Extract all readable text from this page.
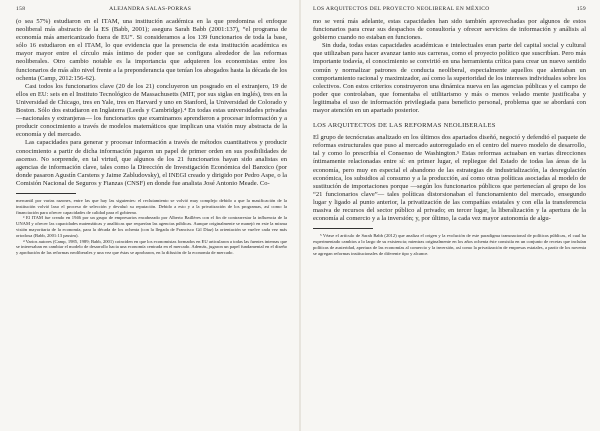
158	ALEJANDRA SALAS-PORRAS

(o sea 57%) estudiaron en el ITAM, una institución académica en la que predomina el enfoque neoliberal más abstracto de la ES (Babb, 2001); asegura Sarah Babb (2001:137), “el programa de economía más americanizado fuera de EU”. Si consideramos a los 139 funcionarios de toda la base, sólo 16 estudiaron en el ITAM, lo que evidencia que la presencia de esta institución académica es mayor mayor entre el círculo más íntimo de poder que se configura alrededor de las reformas neoliberales. Otro cambio notable es la importancia que adquieren los economistas entre los funcionarios de más alto nivel frente a la preponderancia que tenían los abogados hasta la década de los ochenta (Camp, 2012:156-62).

Casi todos los funcionarios clave (20 de los 21) concluyeron un posgrado en el extranjero, 19 de ellos en EU: seis en el Instituto Tecnológico de Massachusetts (MIT, por sus siglas en inglés), tres en la Universidad de Chicago, tres en Yale, tres en Harvard y uno en Stanford, la Universidad de Colorado y Boston. Sólo dos estudiaron en Inglaterra (Leeds y Cambridge).⁴ En todas estas universidades privadas —nacionales y extranjeras— los funcionarios que examinamos aprendieron a procesar información y a producir conocimiento a través de modelos matemáticos que implican una visión muy abstracta de la economía y del mercado.

Las capacidades para generar y procesar información a través de métodos cuantitativos y producir conocimiento a partir de dicha información jugaron un papel de primer orden en sus posibilidades de ascenso. No sorprende, en tal virtud, que algunos de los 21 funcionarios hayan sido analistas en agencias de información clave, tales como la Dirección de Investigación Económica del Banxico (por donde pasaron Agustín Carstens y Jaime Zabludovsky), el INEGI creado y dirigido por Pedro Aspe, o la Comisión Nacional de Seguros y Fianzas (CNSF) en donde fue analista José Antonio Meade. Co-

mercantil por varias razones, entre las que hay las siguientes: el reclutamiento se volvió muy complejo debido a que la masificación de la institución volvió laxo el proceso de selección y devaluó su reputación. Debido a esto y a la privatización de los programas, así como la financiación para ofrecer capacidades de calidad para el gobierno.

³ El ITAM fue creado en 1946 por un grupo de empresarios encabezado por Alberto Baillères con el fin de contrarrestar la influencia de la UNAM y ofrecer las capacidades matemáticas y analíticas que requerían las agencias públicas. Aunque originalmente se manejó en este la misma visión mayoritaria de la economía, para la década de los ochenta (con la llegada de Francisco Gil Díaz) la orientación se vuelve cada vez más ortodoxa (Babb, 2001:13 passim).

⁴ Varios autores (Camp, 1985, 1989; Babb, 2001) coinciden en que los economistas formados en EU articularon a todas las fuentes internas que se interesaban en cambiar el modelo de desarrollo hacia una economía centrada en el mercado. Además, jugaron un papel fundamental en el diseño y aprobación de las reformas neoliberales y una vez que éstas se aprobaron, en la difusión de la economía de mercado.

LOS ARQUITECTOS DEL PROYECTO NEOLIBERAL EN MÉXICO	159

mo se verá más adelante, estas capacidades han sido también aprovechadas por algunos de estos funcionarios para crear sus despachos de consultoría y ofrecer servicios de información y análisis al gobierno cuando no estaban en funciones.

Sin duda, todas estas capacidades académicas e intelectuales eran parte del capital social y cultural que utilizaban para hacer avanzar tanto sus carreras, como el proyecto político que suscribían. Pero más importante todavía, el conocimiento se convirtió en una herramienta crítica para crear un nuevo sentido común y normalizar patrones de conducta neoliberal, especialmente aquellos que alentaban un comportamiento racional y maximizador, así como la superioridad de los intereses individuales sobre los colectivos. Con estos criterios construyeron una dinámica nueva en las agencias públicas y el campo de poder que controlaban, que fomentaba el utilitarismo y más o menos velado mente justificaba y legitimaba el uso de información privilegiada para beneficio personal, problema que se abordará con mayor atención en un apartado posterior.

LOS ARQUITECTOS DE LAS REFORMAS NEOLIBERALES

El grupo de tecnócratas analizado en los últimos dos apartados diseñó, negoció y defendió el paquete de reformas estructurales que puso al mercado autorregulado en el centro del nuevo modelo de desarrollo, tal y como lo prescribía el Consenso de Washington.⁵ Estas reformas actuaban en varias direcciones íntimamente relacionadas entre sí: en primer lugar, el repliegue del Estado de todas las áreas de la economía, pero muy en especial el abandono de las estrategias de industrialización, la desregulación económica, los subsidios al consumo y a la producción, así como otras políticas asociadas al modelo de sustitución de importaciones porque —según los funcionarios públicos que pertenecían al grupo de los “21 funcionarios clave”— tales políticas distorsionaban el funcionamiento del mercado, ensegundo lugar y ligado al punto anterior, la privatización de las compañías estatales y con ella la transferencia masiva de recursos del sector público al privado; en tercer lugar, la liberalización y la apertura de la economía al comercio y a la inversión; y, por último, la cada vez mayor autonomía de algu-

⁵ Véase el artículo de Sarah Babb (2012) que analiza el origen y la evolución de este paradigma transnacional de políticas públicas, el cual ha experimentado cambios a lo largo de su existencia; mientras originalmente en los años ochenta éste consistía en un conjunto de recetas que incluían políticas de austeridad, apertura de las economías al comercio y la inversión, así como la privatización de empresas estatales, a partir de los noventa se agregan reformas institucionales de diferente tipo y alcance.
